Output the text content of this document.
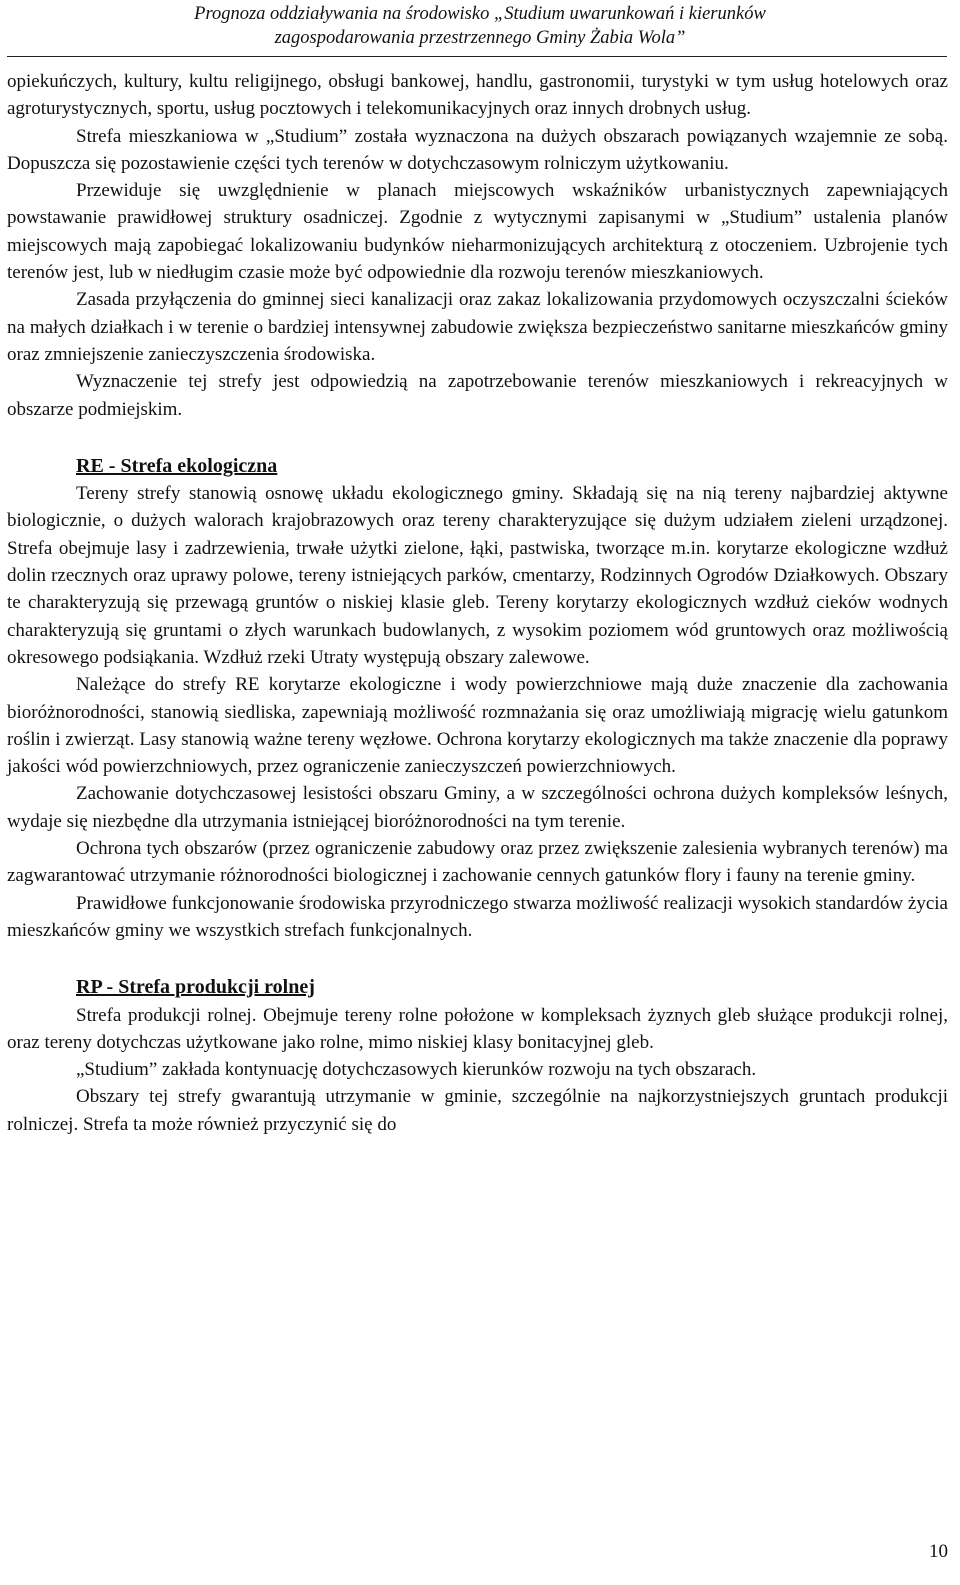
Prognoza oddziaływania na środowisko „Studium uwarunkowań i kierunków
zagospodarowania przestrzennego Gminy Żabia Wola”

opiekuńczych, kultury, kultu religijnego, obsługi bankowej, handlu, gastronomii, turystyki w tym usług hotelowych oraz agroturystycznych, sportu, usług pocztowych i telekomunikacyjnych oraz innych drobnych usług.

Strefa mieszkaniowa w „Studium” została wyznaczona na dużych obszarach powiązanych wzajemnie ze sobą. Dopuszcza się pozostawienie części tych terenów w dotychczasowym rolniczym użytkowaniu.

Przewiduje się uwzględnienie w planach miejscowych wskaźników urbanistycznych zapewniających powstawanie prawidłowej struktury osadniczej. Zgodnie z wytycznymi zapisanymi w „Studium” ustalenia planów miejscowych mają zapobiegać lokalizowaniu budynków nieharmonizujących architekturą z otoczeniem. Uzbrojenie tych terenów jest, lub w niedługim czasie może być odpowiednie dla rozwoju terenów mieszkaniowych.

Zasada przyłączenia do gminnej sieci kanalizacji oraz zakaz lokalizowania przydomowych oczyszczalni ścieków na małych działkach i w terenie o bardziej intensywnej zabudowie zwiększa bezpieczeństwo sanitarne mieszkańców gminy oraz zmniejszenie zanieczyszczenia środowiska.

Wyznaczenie tej strefy jest odpowiedzią na zapotrzebowanie terenów mieszkaniowych i rekreacyjnych w obszarze podmiejskim.

RE - Strefa ekologiczna

Tereny strefy stanowią osnowę układu ekologicznego gminy. Składają się na nią tereny najbardziej aktywne biologicznie, o dużych walorach krajobrazowych oraz tereny charakteryzujące się dużym udziałem zieleni urządzonej. Strefa obejmuje lasy i zadrzewienia, trwałe użytki zielone, łąki, pastwiska, tworzące m.in. korytarze ekologiczne wzdłuż dolin rzecznych oraz uprawy polowe, tereny istniejących parków, cmentarzy, Rodzinnych Ogrodów Działkowych. Obszary te charakteryzują się przewagą gruntów o niskiej klasie gleb. Tereny korytarzy ekologicznych wzdłuż cieków wodnych charakteryzują się gruntami o złych warunkach budowlanych, z wysokim poziomem wód gruntowych oraz możliwością okresowego podsiąkania. Wzdłuż rzeki Utraty występują obszary zalewowe.

Należące do strefy RE korytarze ekologiczne i wody powierzchniowe mają duże znaczenie dla zachowania bioróżnorodności, stanowią siedliska, zapewniają możliwość rozmnażania się oraz umożliwiają migrację wielu gatunkom roślin i zwierząt. Lasy stanowią ważne tereny węzłowe. Ochrona korytarzy ekologicznych ma także znaczenie dla poprawy jakości wód powierzchniowych, przez ograniczenie zanieczyszczeń powierzchniowych.

Zachowanie dotychczasowej lesistości obszaru Gminy, a w szczególności ochrona dużych kompleksów leśnych, wydaje się niezbędne dla utrzymania istniejącej bioróżnorodności na tym terenie.

Ochrona tych obszarów (przez ograniczenie zabudowy oraz przez zwiększenie zalesienia wybranych terenów) ma zagwarantować utrzymanie różnorodności biologicznej i zachowanie cennych gatunków flory i fauny na terenie gminy.

Prawidłowe funkcjonowanie środowiska przyrodniczego stwarza możliwość realizacji wysokich standardów życia mieszkańców gminy we wszystkich strefach funkcjonalnych.

RP - Strefa produkcji rolnej

Strefa produkcji rolnej. Obejmuje tereny rolne położone w kompleksach żyznych gleb służące produkcji rolnej, oraz tereny dotychczas użytkowane jako rolne, mimo niskiej klasy bonitacyjnej gleb.

„Studium” zakłada kontynuację dotychczasowych kierunków rozwoju na tych obszarach.

Obszary tej strefy gwarantują utrzymanie w gminie, szczególnie na najkorzystniejszych gruntach produkcji rolniczej. Strefa ta może również przyczynić się do

10
